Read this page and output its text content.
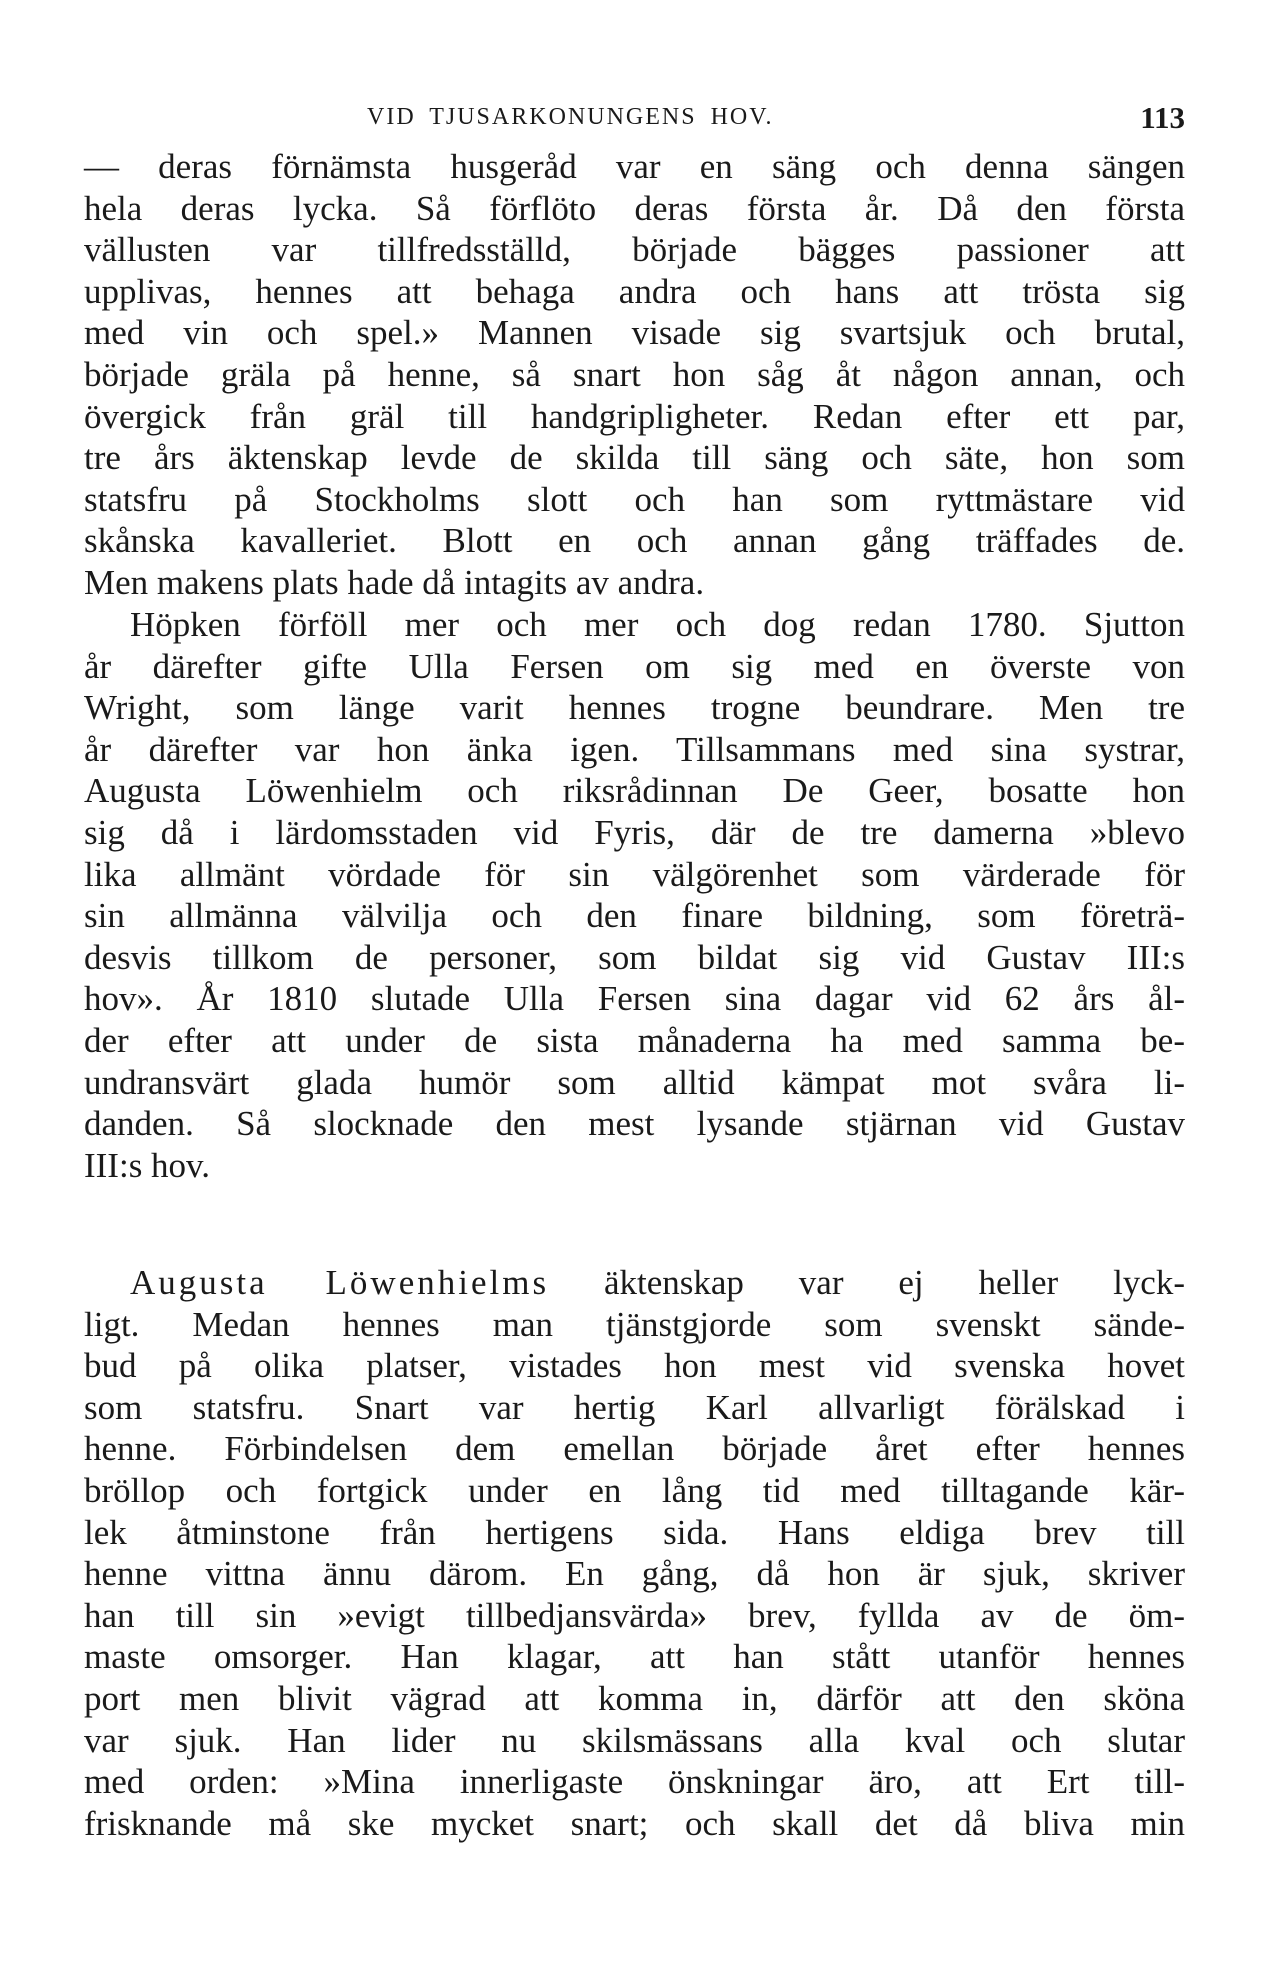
VID TJUSARKONUNGENS HOV.	113
— deras förnämsta husgeråd var en säng och denna sängen
hela deras lycka. Så förflöto deras första år. Då den första
vällusten var tillfredsställd, började bägges passioner att
upplivas, hennes att behaga andra och hans att trösta sig
med vin och spel.» Mannen visade sig svartsjuk och brutal,
började gräla på henne, så snart hon såg åt någon annan, och
övergick från gräl till handgripligheter. Redan efter ett par,
tre års äktenskap levde de skilda till säng och säte, hon som
statsfru på Stockholms slott och han som ryttmästare vid
skånska kavalleriet. Blott en och annan gång träffades de.
Men makens plats hade då intagits av andra.
Höpken förföll mer och mer och dog redan 1780. Sjutton
år därefter gifte Ulla Fersen om sig med en överste von
Wright, som länge varit hennes trogne beundrare. Men tre
år därefter var hon änka igen. Tillsammans med sina systrar,
Augusta Löwenhielm och riksrådinnan De Geer, bosatte hon
sig då i lärdomsstaden vid Fyris, där de tre damerna »blevo
lika allmänt vördade för sin välgörenhet som värderade för
sin allmänna välvilja och den finare bildning, som företrä-
desvis tillkom de personer, som bildat sig vid Gustav III:s
hov». År 1810 slutade Ulla Fersen sina dagar vid 62 års ål-
der efter att under de sista månaderna ha med samma be-
undransvärt glada humör som alltid kämpat mot svåra li-
danden. Så slocknade den mest lysande stjärnan vid Gustav
III:s hov.
Augusta Löwenhielms äktenskap var ej heller lyck-
ligt. Medan hennes man tjänstgjorde som svenskt sände-
bud på olika platser, vistades hon mest vid svenska hovet
som statsfru. Snart var hertig Karl allvarligt förälskad i
henne. Förbindelsen dem emellan började året efter hennes
bröllop och fortgick under en lång tid med tilltagande kär-
lek åtminstone från hertigens sida. Hans eldiga brev till
henne vittna ännu därom. En gång, då hon är sjuk, skriver
han till sin »evigt tillbedjansvärda» brev, fyllda av de öm-
maste omsorger. Han klagar, att han stått utanför hennes
port men blivit vägrad att komma in, därför att den sköna
var sjuk. Han lider nu skilsmässans alla kval och slutar
med orden: »Mina innerligaste önskningar äro, att Ert till-
frisknande må ske mycket snart; och skall det då bliva min
